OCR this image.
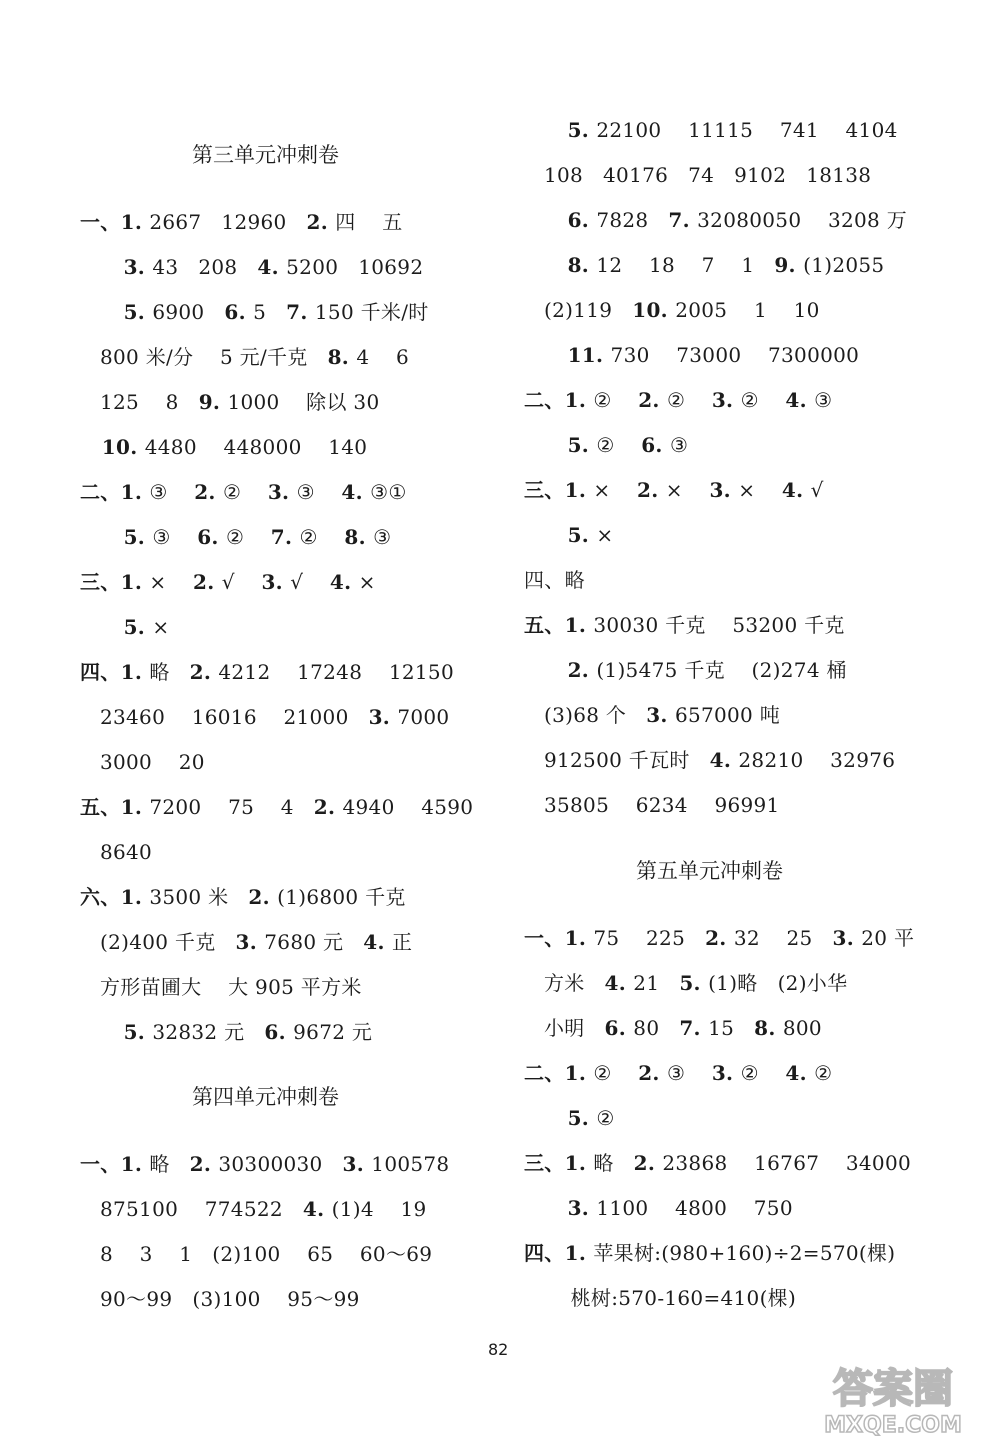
第三单元冲刺卷
第四单元冲刺卷
一、1. 2667   12960   2. 四    五
3. 43   208   4. 5200   10692
5. 6900   6. 5   7. 150 千米/时
800 米/分    5 元/千克   8. 4    6
125    8   9. 1000    除以 30
10. 4480    448000    140
二、1. ③    2. ②    3. ③    4. ③①
5. ③    6. ②    7. ②    8. ③
三、1. ×    2. √    3. √    4. ×
5. ×
四、1. 略   2. 4212    17248    12150
23460    16016    21000   3. 7000
3000    20
五、1. 7200    75    4   2. 4940    4590
8640
六、1. 3500 米   2. (1)6800 千克
(2)400 千克   3. 7680 元   4. 正
方形苗圃大    大 905 平方米
5. 32832 元   6. 9672 元
一、1. 略   2. 30300030   3. 100578
875100    774522   4. (1)4    19
8    3    1   (2)100    65    60～69
90～99   (3)100    95～99
第五单元冲刺卷
5. 22100    11115    741    4104
108   40176   74   9102   18138
6. 7828   7. 32080050    3208 万
8. 12    18    7    1   9. (1)2055
(2)119   10. 2005    1    10
11. 730    73000    7300000
二、1. ②    2. ②    3. ②    4. ③
5. ②    6. ③
三、1. ×    2. ×    3. ×    4. √
5. ×
四、略
五、1. 30030 千克    53200 千克
2. (1)5475 千克    (2)274 桶
(3)68 个   3. 657000 吨
912500 千瓦时   4. 28210    32976
35805    6234    96991
一、1. 75    225   2. 32    25   3. 20 平
方米   4. 21   5. (1)略   (2)小华
小明   6. 80   7. 15   8. 800
二、1. ②    2. ③    3. ②    4. ②
5. ②
三、1. 略   2. 23868    16767    34000
3. 1100    4800    750
四、1. 苹果树:(980+160)÷2=570(棵)
桃树:570-160=410(棵)
82
答案圈
MXQE.COM
